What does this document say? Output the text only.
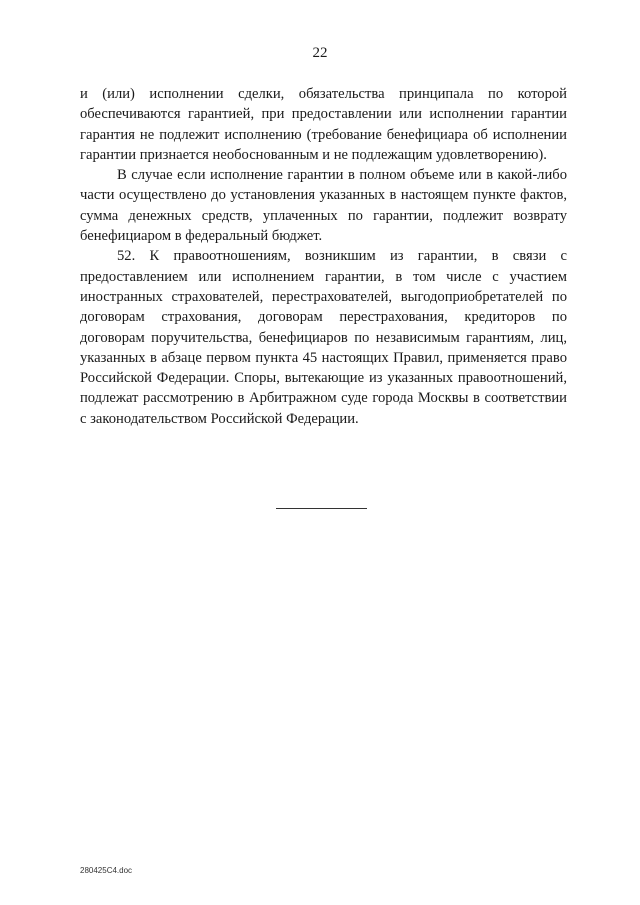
22

и (или) исполнении сделки, обязательства принципала по которой обеспечиваются гарантией, при предоставлении или исполнении гарантии гарантия не подлежит исполнению (требование бенефициара об исполнении гарантии признается необоснованным и не подлежащим удовлетворению).

В случае если исполнение гарантии в полном объеме или в какой-либо части осуществлено до установления указанных в настоящем пункте фактов, сумма денежных средств, уплаченных по гарантии, подлежит возврату бенефициаром в федеральный бюджет.

52. К правоотношениям, возникшим из гарантии, в связи с предоставлением или исполнением гарантии, в том числе с участием иностранных страхователей, перестрахователей, выгодоприобретателей по договорам страхования, договорам перестрахования, кредиторов по договорам поручительства, бенефициаров по независимым гарантиям, лиц, указанных в абзаце первом пункта 45 настоящих Правил, применяется право Российской Федерации. Споры, вытекающие из указанных правоотношений, подлежат рассмотрению в Арбитражном суде города Москвы в соответствии с законодательством Российской Федерации.

280425C4.doc
